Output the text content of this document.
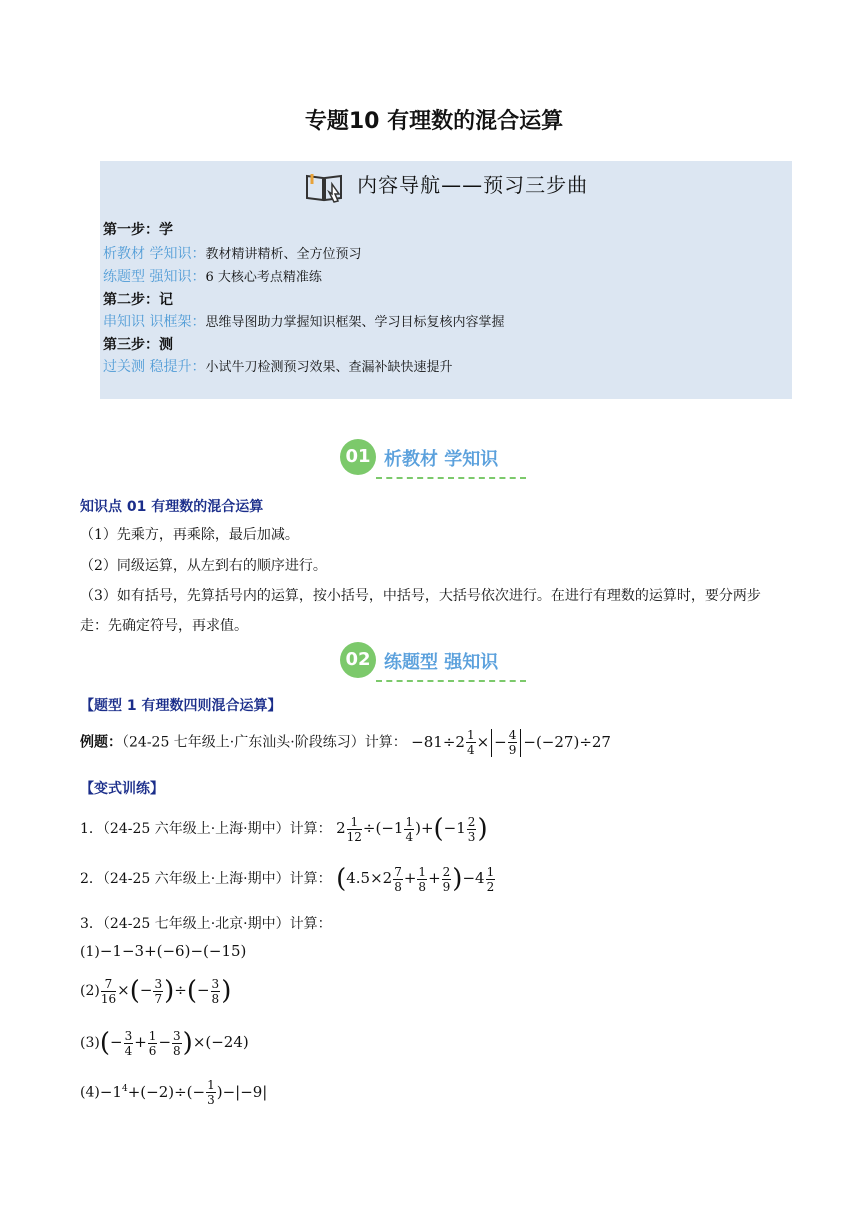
专题10 有理数的混合运算
内容导航——预习三步曲
第一步：学
析教材 学知识：教材精讲精析、全方位预习
练题型 强知识：6 大核心考点精准练
第二步：记
串知识 识框架：思维导图助力掌握知识框架、学习目标复核内容掌握
第三步：测
过关测 稳提升：小试牛刀检测预习效果、查漏补缺快速提升
01 析教材 学知识
知识点 01 有理数的混合运算
（1）先乘方，再乘除，最后加减。
（2）同级运算，从左到右的顺序进行。
（3）如有括号，先算括号内的运算，按小括号，中括号，大括号依次进行。在进行有理数的运算时，要分两步
走：先确定符号，再求值。
02 练题型 强知识
【题型 1 有理数四则混合运算】
例题：（24-25 七年级上·广东汕头·阶段练习）计算： $-81\div 2 \frac{1}{4}$ × − $\frac{4}{9} -(-27)\div 27$
【变式训练】
1．（24-25 六年级上·上海·期中）计算： $2 \frac{1}{12} \div(-1 \frac{1}{4} )+(-1 \frac{2}{3}$ )
2．（24-25 六年级上·上海·期中）计算： $(4.5\times 2 \frac{7}{8} + \frac{1}{8} + \frac{2}{9} )-4 \frac{1}{2}$
3．（24-25 七年级上·北京·期中）计算：
(1)−1−3+(−6)−(−15)
$(2) \frac{7}{16}$ ×(− $\frac{3}{7}$ )÷(− $\frac{3}{8}$ )
$(3)(- \frac{3}{4} + \frac{1}{6} - \frac{3}{8} )\times(-24)$
$(4)-1^4+(-2)\div(- \frac{1}{3} )-|-9|$
